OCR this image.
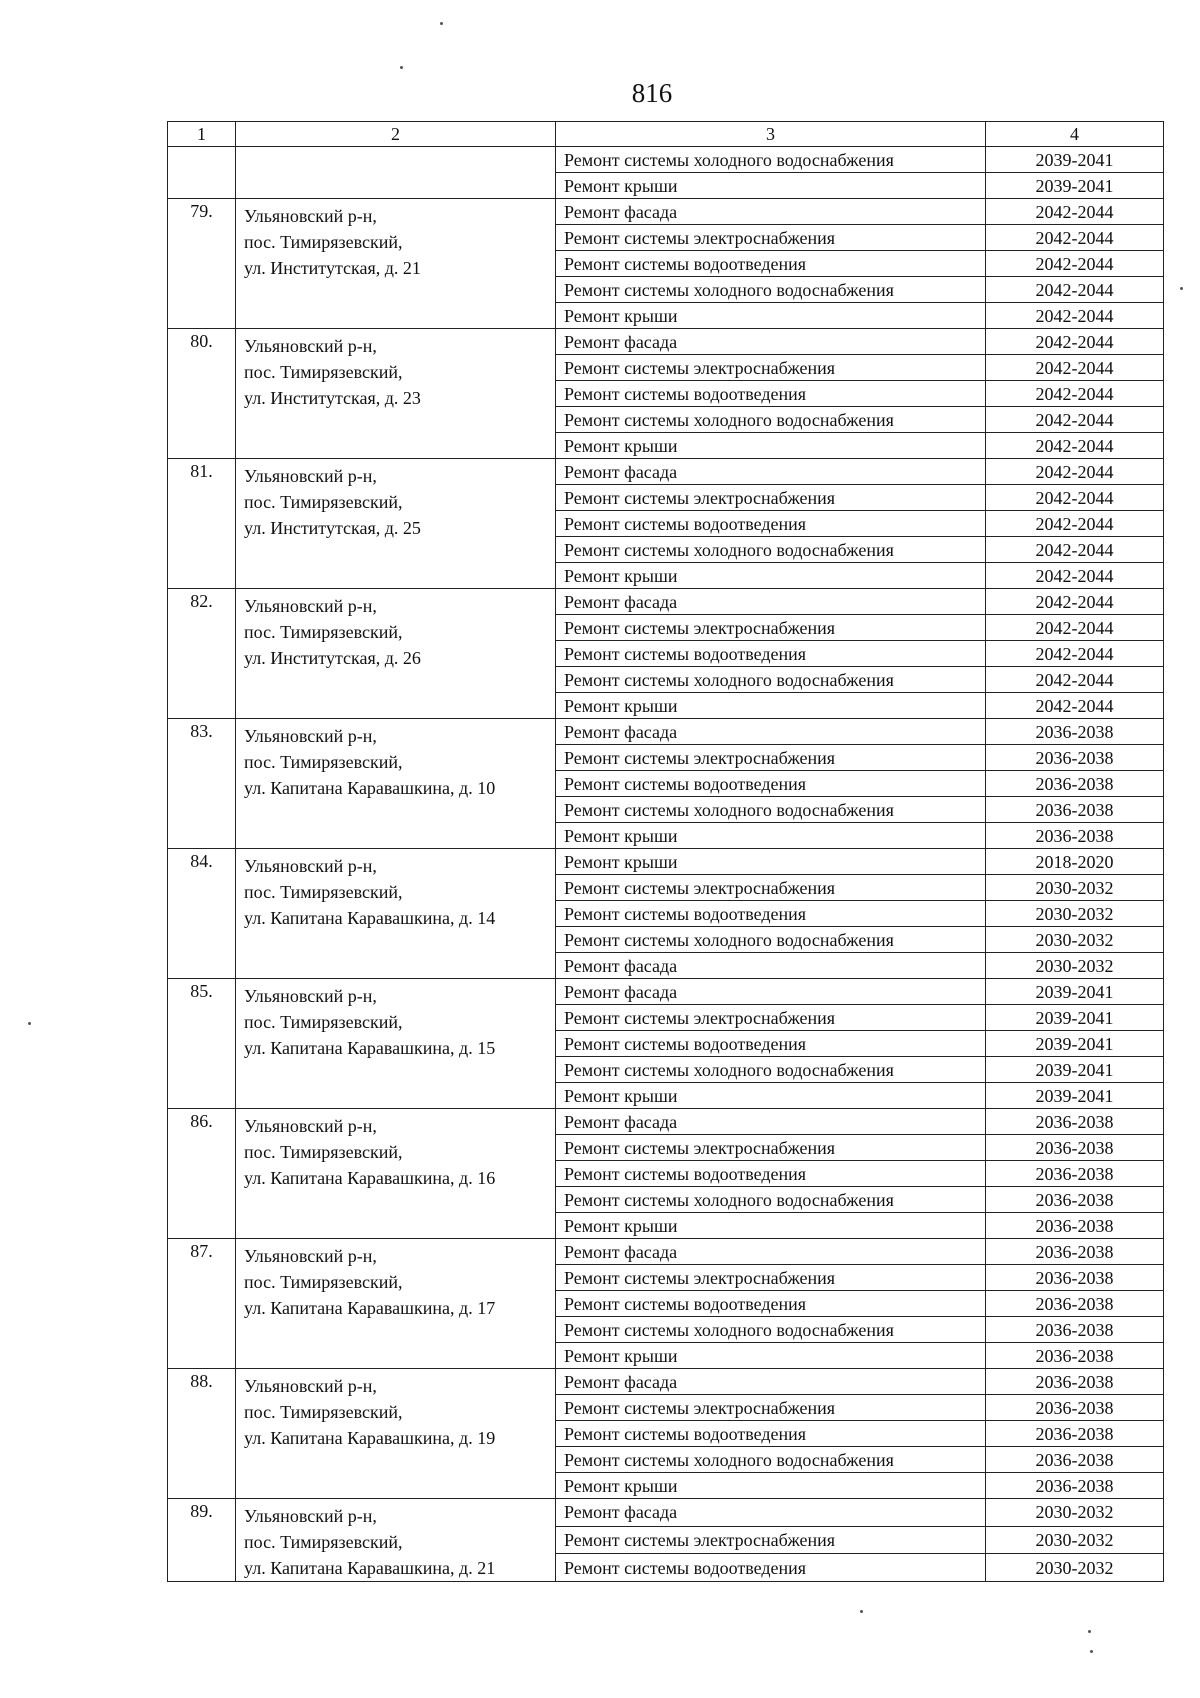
816
1	2	3	4
		Ремонт системы холодного водоснабжения	2039-2041
		Ремонт крыши	2039-2041
79.	Ульяновский р-н,
пос. Тимирязевский,
ул. Институтская, д. 21	Ремонт фасада	2042-2044
		Ремонт системы электроснабжения	2042-2044
		Ремонт системы водоотведения	2042-2044
		Ремонт системы холодного водоснабжения	2042-2044
		Ремонт крыши	2042-2044
80.	Ульяновский р-н,
пос. Тимирязевский,
ул. Институтская, д. 23	Ремонт фасада	2042-2044
		Ремонт системы электроснабжения	2042-2044
		Ремонт системы водоотведения	2042-2044
		Ремонт системы холодного водоснабжения	2042-2044
		Ремонт крыши	2042-2044
81.	Ульяновский р-н,
пос. Тимирязевский,
ул. Институтская, д. 25	Ремонт фасада	2042-2044
		Ремонт системы электроснабжения	2042-2044
		Ремонт системы водоотведения	2042-2044
		Ремонт системы холодного водоснабжения	2042-2044
		Ремонт крыши	2042-2044
82.	Ульяновский р-н,
пос. Тимирязевский,
ул. Институтская, д. 26	Ремонт фасада	2042-2044
		Ремонт системы электроснабжения	2042-2044
		Ремонт системы водоотведения	2042-2044
		Ремонт системы холодного водоснабжения	2042-2044
		Ремонт крыши	2042-2044
83.	Ульяновский р-н,
пос. Тимирязевский,
ул. Капитана Каравашкина, д. 10	Ремонт фасада	2036-2038
		Ремонт системы электроснабжения	2036-2038
		Ремонт системы водоотведения	2036-2038
		Ремонт системы холодного водоснабжения	2036-2038
		Ремонт крыши	2036-2038
84.	Ульяновский р-н,
пос. Тимирязевский,
ул. Капитана Каравашкина, д. 14	Ремонт крыши	2018-2020
		Ремонт системы электроснабжения	2030-2032
		Ремонт системы водоотведения	2030-2032
		Ремонт системы холодного водоснабжения	2030-2032
		Ремонт фасада	2030-2032
85.	Ульяновский р-н,
пос. Тимирязевский,
ул. Капитана Каравашкина, д. 15	Ремонт фасада	2039-2041
		Ремонт системы электроснабжения	2039-2041
		Ремонт системы водоотведения	2039-2041
		Ремонт системы холодного водоснабжения	2039-2041
		Ремонт крыши	2039-2041
86.	Ульяновский р-н,
пос. Тимирязевский,
ул. Капитана Каравашкина, д. 16	Ремонт фасада	2036-2038
		Ремонт системы электроснабжения	2036-2038
		Ремонт системы водоотведения	2036-2038
		Ремонт системы холодного водоснабжения	2036-2038
		Ремонт крыши	2036-2038
87.	Ульяновский р-н,
пос. Тимирязевский,
ул. Капитана Каравашкина, д. 17	Ремонт фасада	2036-2038
		Ремонт системы электроснабжения	2036-2038
		Ремонт системы водоотведения	2036-2038
		Ремонт системы холодного водоснабжения	2036-2038
		Ремонт крыши	2036-2038
88.	Ульяновский р-н,
пос. Тимирязевский,
ул. Капитана Каравашкина, д. 19	Ремонт фасада	2036-2038
		Ремонт системы электроснабжения	2036-2038
		Ремонт системы водоотведения	2036-2038
		Ремонт системы холодного водоснабжения	2036-2038
		Ремонт крыши	2036-2038
89.	Ульяновский р-н,
пос. Тимирязевский,
ул. Капитана Каравашкина, д. 21	Ремонт фасада	2030-2032
		Ремонт системы электроснабжения	2030-2032
		Ремонт системы водоотведения	2030-2032
